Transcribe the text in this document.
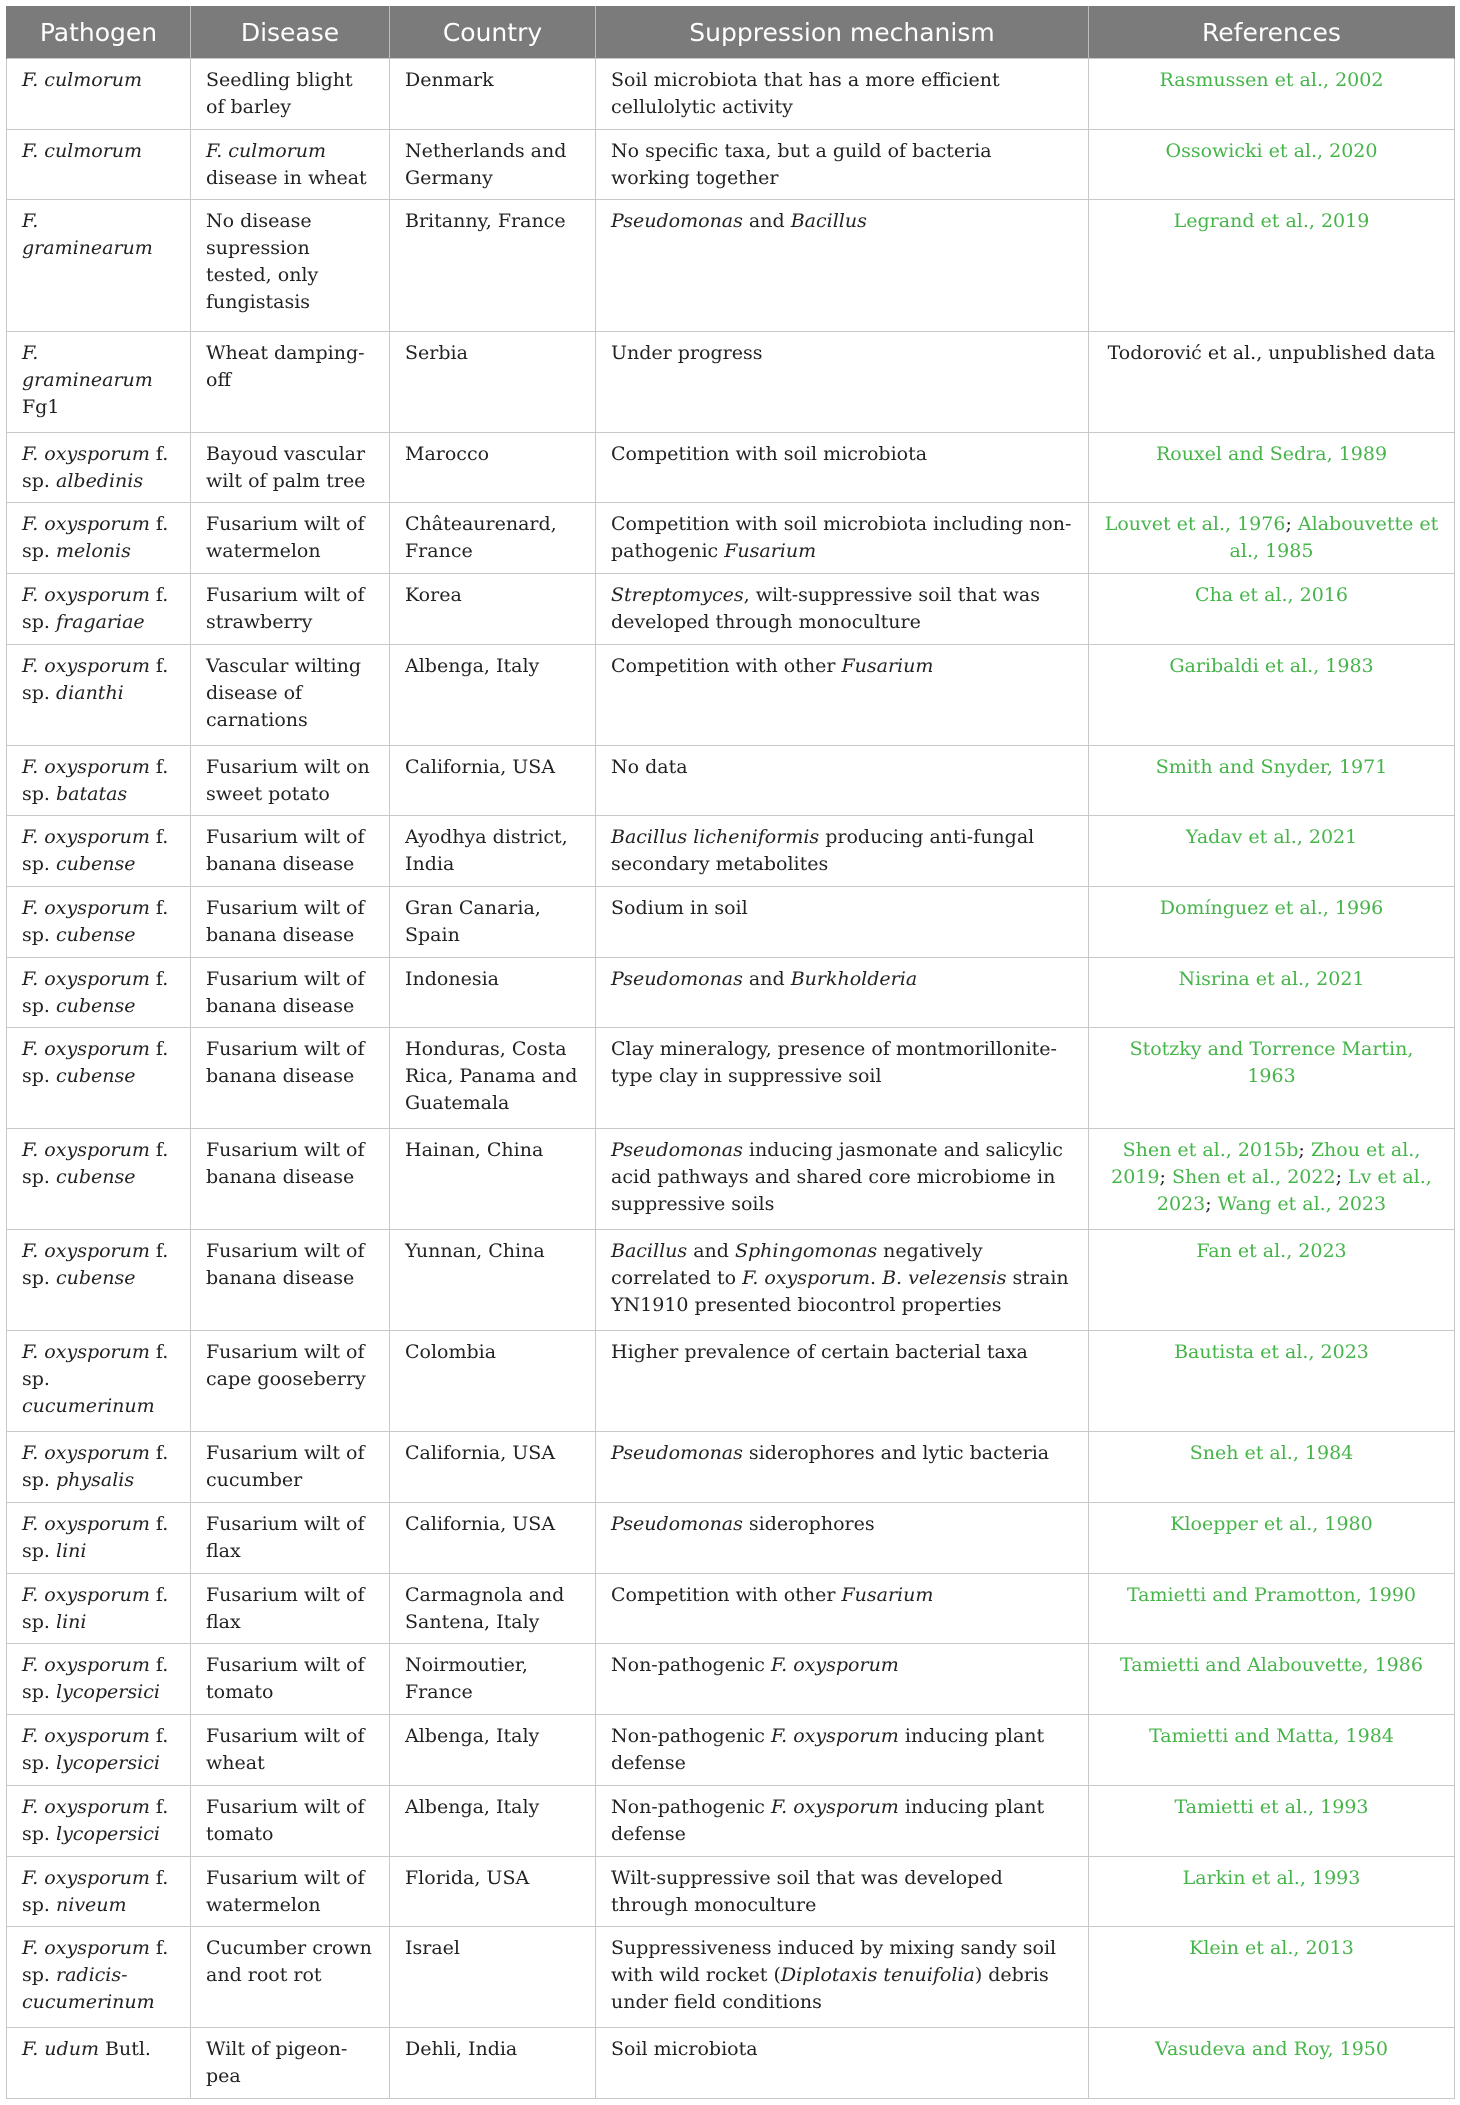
Pathogen	Disease	Country	Suppression mechanism	References
F. culmorum	Seedling blight of barley	Denmark	Soil microbiota that has a more efficient cellulolytic activity	Rasmussen et al., 2002
F. culmorum	F. culmorum disease in wheat	Netherlands and Germany	No specific taxa, but a guild of bacteria working together	Ossowicki et al., 2020
F. graminearum	No disease supression tested, only fungistasis	Britanny, France	Pseudomonas and Bacillus	Legrand et al., 2019
F. graminearum Fg1	Wheat damping-off	Serbia	Under progress	Todorović et al., unpublished data
F. oxysporum f. sp. albedinis	Bayoud vascular wilt of palm tree	Marocco	Competition with soil microbiota	Rouxel and Sedra, 1989
F. oxysporum f. sp. melonis	Fusarium wilt of watermelon	Châteaurenard, France	Competition with soil microbiota including non-pathogenic Fusarium	Louvet et al., 1976; Alabouvette et al., 1985
F. oxysporum f. sp. fragariae	Fusarium wilt of strawberry	Korea	Streptomyces, wilt-suppressive soil that was developed through monoculture	Cha et al., 2016
F. oxysporum f. sp. dianthi	Vascular wilting disease of carnations	Albenga, Italy	Competition with other Fusarium	Garibaldi et al., 1983
F. oxysporum f. sp. batatas	Fusarium wilt on sweet potato	California, USA	No data	Smith and Snyder, 1971
F. oxysporum f. sp. cubense	Fusarium wilt of banana disease	Ayodhya district, India	Bacillus licheniformis producing anti-fungal secondary metabolites	Yadav et al., 2021
F. oxysporum f. sp. cubense	Fusarium wilt of banana disease	Gran Canaria, Spain	Sodium in soil	Domínguez et al., 1996
F. oxysporum f. sp. cubense	Fusarium wilt of banana disease	Indonesia	Pseudomonas and Burkholderia	Nisrina et al., 2021
F. oxysporum f. sp. cubense	Fusarium wilt of banana disease	Honduras, Costa Rica, Panama and Guatemala	Clay mineralogy, presence of montmorillonite-type clay in suppressive soil	Stotzky and Torrence Martin, 1963
F. oxysporum f. sp. cubense	Fusarium wilt of banana disease	Hainan, China	Pseudomonas inducing jasmonate and salicylic acid pathways and shared core microbiome in suppressive soils	Shen et al., 2015b; Zhou et al., 2019; Shen et al., 2022; Lv et al., 2023; Wang et al., 2023
F. oxysporum f. sp. cubense	Fusarium wilt of banana disease	Yunnan, China	Bacillus and Sphingomonas negatively correlated to F. oxysporum. B. velezensis strain YN1910 presented biocontrol properties	Fan et al., 2023
F. oxysporum f. sp. cucumerinum	Fusarium wilt of cape gooseberry	Colombia	Higher prevalence of certain bacterial taxa	Bautista et al., 2023
F. oxysporum f. sp. physalis	Fusarium wilt of cucumber	California, USA	Pseudomonas siderophores and lytic bacteria	Sneh et al., 1984
F. oxysporum f. sp. lini	Fusarium wilt of flax	California, USA	Pseudomonas siderophores	Kloepper et al., 1980
F. oxysporum f. sp. lini	Fusarium wilt of flax	Carmagnola and Santena, Italy	Competition with other Fusarium	Tamietti and Pramotton, 1990
F. oxysporum f. sp. lycopersici	Fusarium wilt of tomato	Noirmoutier, France	Non-pathogenic F. oxysporum	Tamietti and Alabouvette, 1986
F. oxysporum f. sp. lycopersici	Fusarium wilt of wheat	Albenga, Italy	Non-pathogenic F. oxysporum inducing plant defense	Tamietti and Matta, 1984
F. oxysporum f. sp. lycopersici	Fusarium wilt of tomato	Albenga, Italy	Non-pathogenic F. oxysporum inducing plant defense	Tamietti et al., 1993
F. oxysporum f. sp. niveum	Fusarium wilt of watermelon	Florida, USA	Wilt-suppressive soil that was developed through monoculture	Larkin et al., 1993
F. oxysporum f. sp. radicis-cucumerinum	Cucumber crown and root rot	Israel	Suppressiveness induced by mixing sandy soil with wild rocket (Diplotaxis tenuifolia) debris under field conditions	Klein et al., 2013
F. udum Butl.	Wilt of pigeon-pea	Dehli, India	Soil microbiota	Vasudeva and Roy, 1950
